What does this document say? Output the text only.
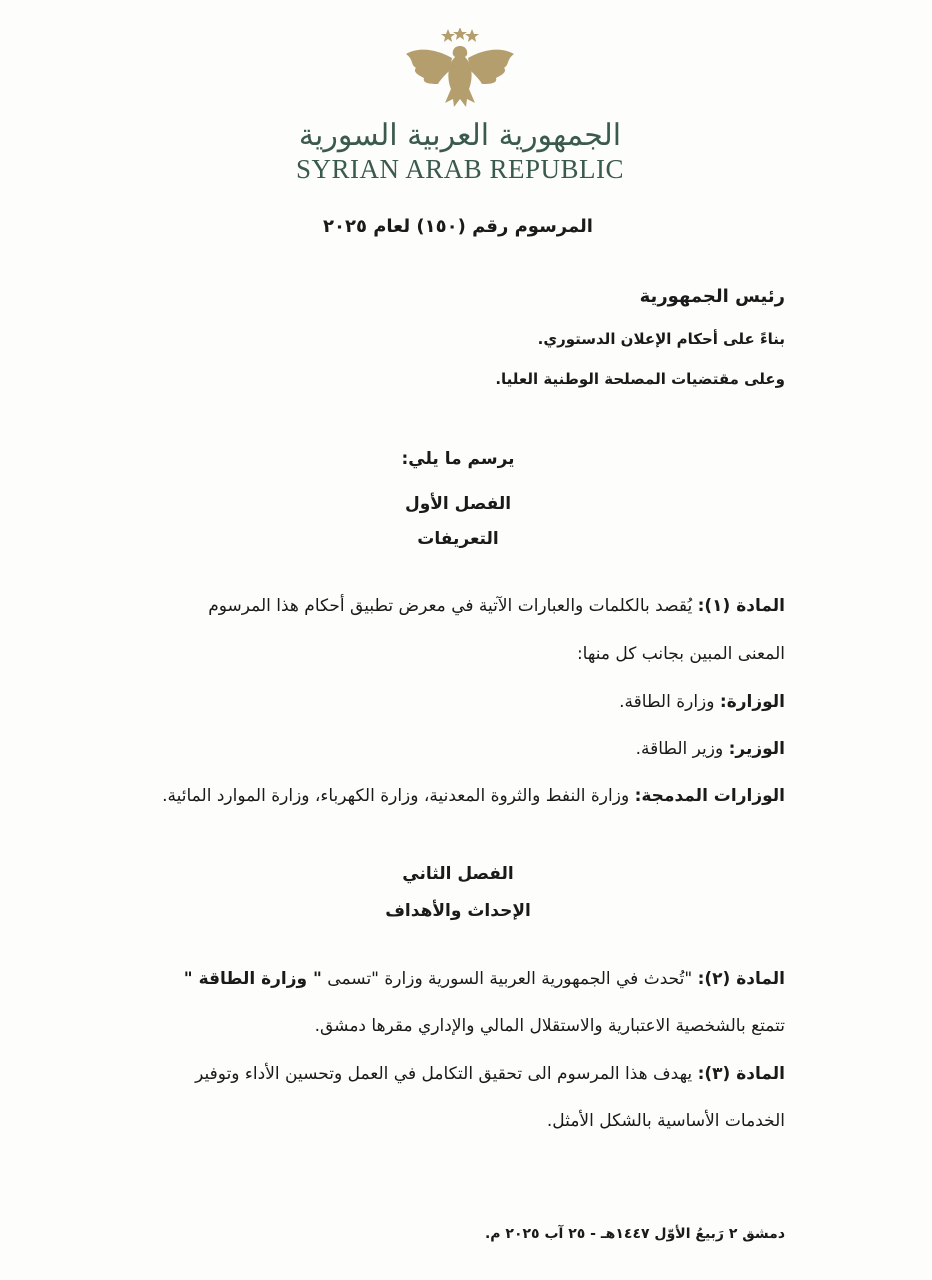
الجمهورية العربية السورية
SYRIAN ARAB REPUBLIC
المرسوم رقم (١٥٠) لعام ٢٠٢٥
رئيس الجمهورية
بناءً على أحكام الإعلان الدستوري.
وعلى مقتضيات المصلحة الوطنية العليا.
يرسم ما يلي:
الفصل الأول
التعريفات
المادة (١): يُقصد بالكلمات والعبارات الآتية في معرض تطبيق أحكام هذا المرسوم
المعنى المبين بجانب كل منها:
الوزارة: وزارة الطاقة.
الوزير: وزير الطاقة.
الوزارات المدمجة: وزارة النفط والثروة المعدنية، وزارة الكهرباء، وزارة الموارد المائية.
الفصل الثاني
الإحداث والأهداف
المادة (٢): "تُحدث في الجمهورية العربية السورية وزارة "تسمى " وزارة الطاقة "
تتمتع بالشخصية الاعتبارية والاستقلال المالي والإداري مقرها دمشق.
المادة (٣): يهدف هذا المرسوم الى تحقيق التكامل في العمل وتحسين الأداء وتوفير
الخدمات الأساسية بالشكل الأمثل.
دمشق ٢ رَبيعُ الأوّل ١٤٤٧هـ - ٢٥ آب ٢٠٢٥ م.
